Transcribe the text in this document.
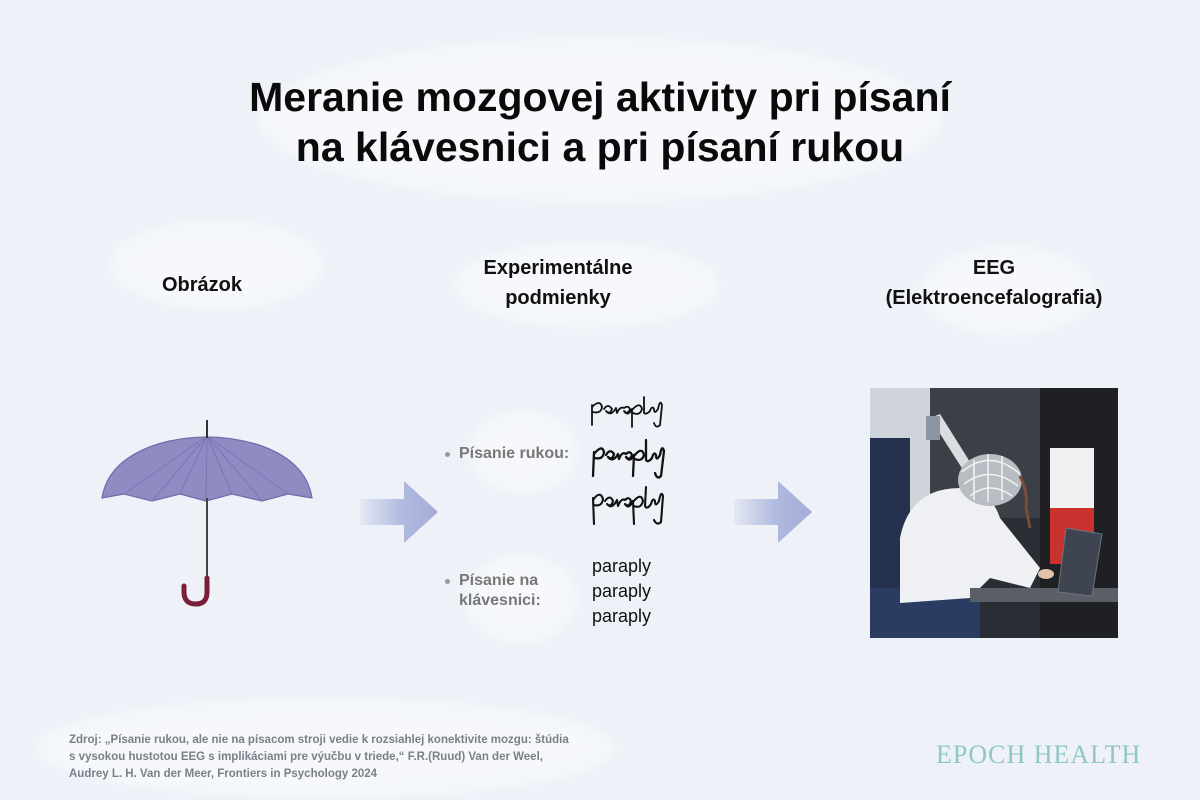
Meranie mozgovej aktivity pri písaní
na klávesnici a pri písaní rukou
Obrázok
Experimentálne
podmienky
EEG
(Elektroencefalografia)
Písanie rukou:
Písanie na
klávesnici:
paraply
paraply
paraply
Zdroj: „Písanie rukou, ale nie na písacom stroji vedie k rozsiahlej konektivite mozgu: štúdia
s vysokou hustotou EEG s implikáciami pre výučbu v triede,“ F.R.(Ruud) Van der Weel,
Audrey L. H. Van der Meer, Frontiers in Psychology 2024
EPOCH HEALTH
